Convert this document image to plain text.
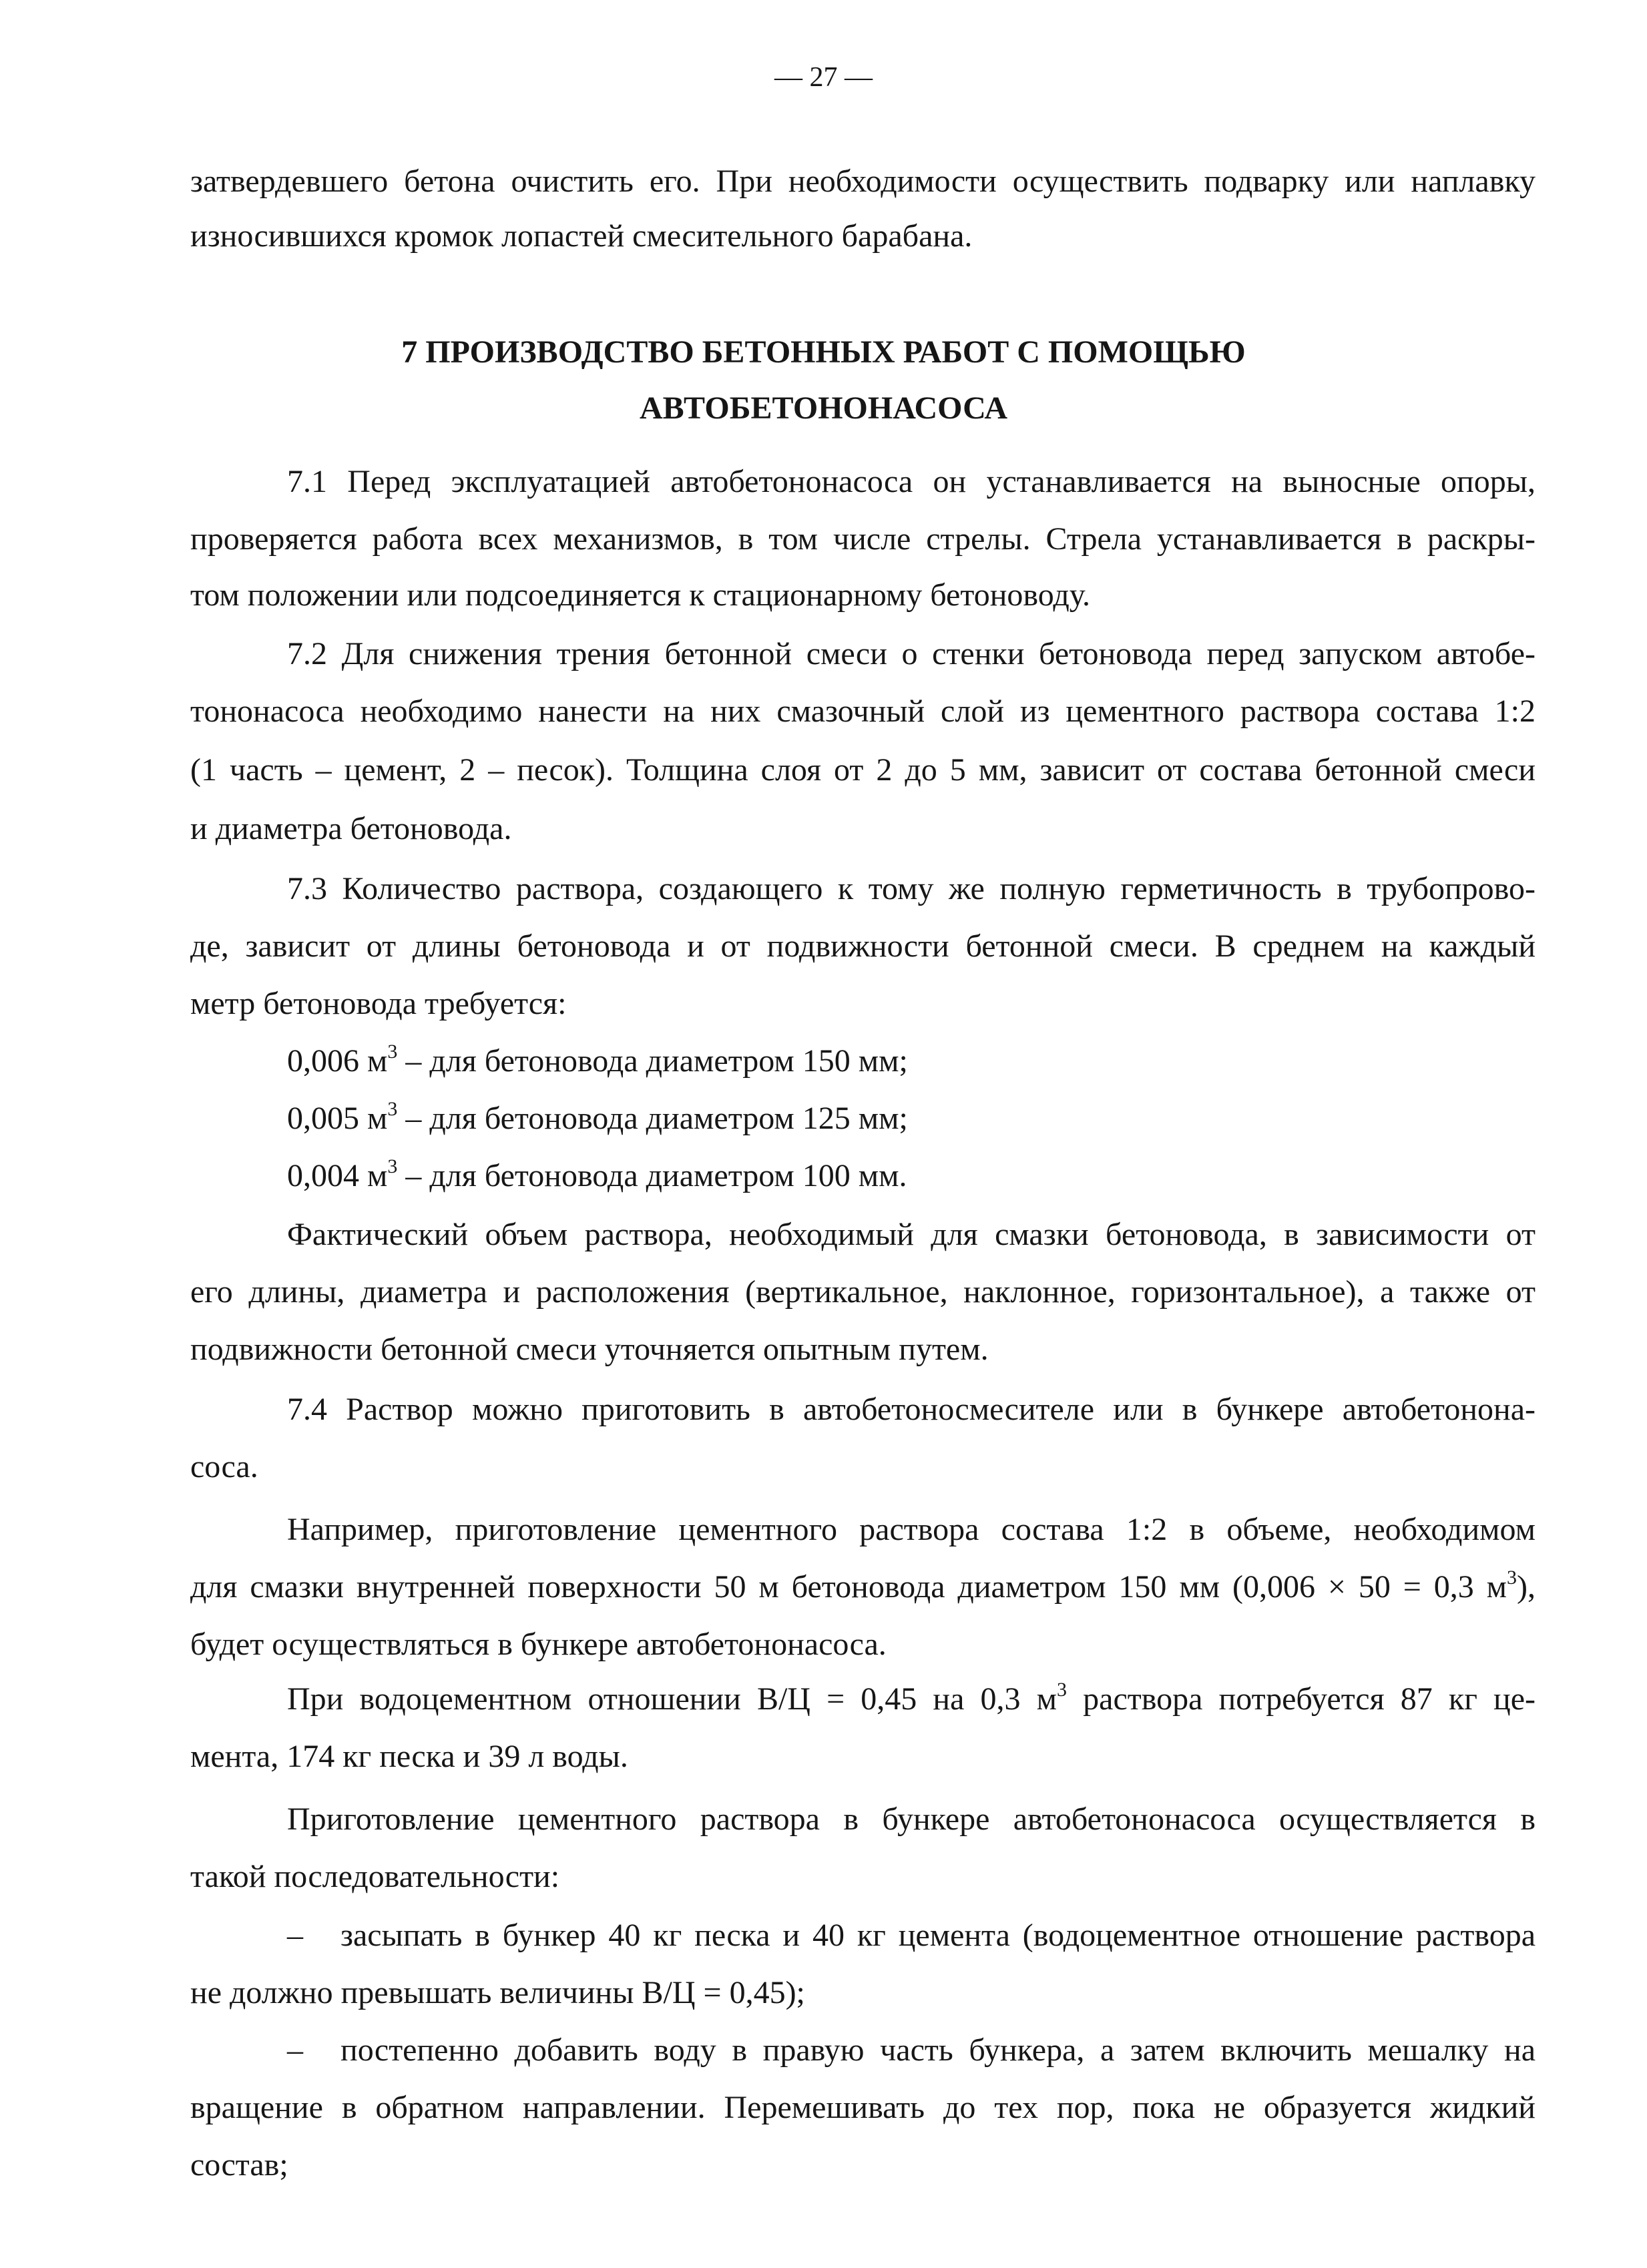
— 27 —
затвердевшего бетона очистить его. При необходимости осуществить подварку или наплавку
износившихся кромок лопастей смесительного барабана.
7 ПРОИЗВОДСТВО БЕТОННЫХ РАБОТ С ПОМОЩЬЮ
АВТОБЕТОНОНАСОСА
7.1 Перед эксплуатацией автобетононасоса он устанавливается на выносные опоры,
проверяется работа всех механизмов, в том числе стрелы. Стрела устанавливается в раскры-
том положении или подсоединяется к стационарному бетоноводу.
7.2 Для снижения трения бетонной смеси о стенки бетоновода перед запуском автобе-
тононасоса необходимо нанести на них смазочный слой из цементного раствора состава 1:2
(1 часть – цемент, 2 – песок). Толщина слоя от 2 до 5 мм, зависит от состава бетонной смеси
и диаметра бетоновода.
7.3 Количество раствора, создающего к тому же полную герметичность в трубопрово-
де, зависит от длины бетоновода и от подвижности бетонной смеси. В среднем на каждый
метр бетоновода требуется:
0,006 $м^3$ – для бетоновода диаметром 150 мм;
0,005 $м^3$ – для бетоновода диаметром 125 мм;
0,004 $м^3$ – для бетоновода диаметром 100 мм.
Фактический объем раствора, необходимый для смазки бетоновода, в зависимости от
его длины, диаметра и расположения (вертикальное, наклонное, горизонтальное), а также от
подвижности бетонной смеси уточняется опытным путем.
7.4 Раствор можно приготовить в автобетоносмесителе или в бункере автобетонона-
соса.
Например, приготовление цементного раствора состава 1:2 в объеме, необходимом
для смазки внутренней поверхности 50 м бетоновода диаметром 150 мм (0,006 × 50 = 0,3 $м^3$),
будет осуществляться в бункере автобетононасоса.
При водоцементном отношении В/Ц = 0,45 на 0,3 $м^3$ раствора потребуется 87 кг це-
мента, 174 кг песка и 39 л воды.
Приготовление цементного раствора в бункере автобетононасоса осуществляется в
такой последовательности:
– засыпать в бункер 40 кг песка и 40 кг цемента (водоцементное отношение раствора
не должно превышать величины В/Ц = 0,45);
– постепенно добавить воду в правую часть бункера, а затем включить мешалку на
вращение в обратном направлении. Перемешивать до тех пор, пока не образуется жидкий
состав;
